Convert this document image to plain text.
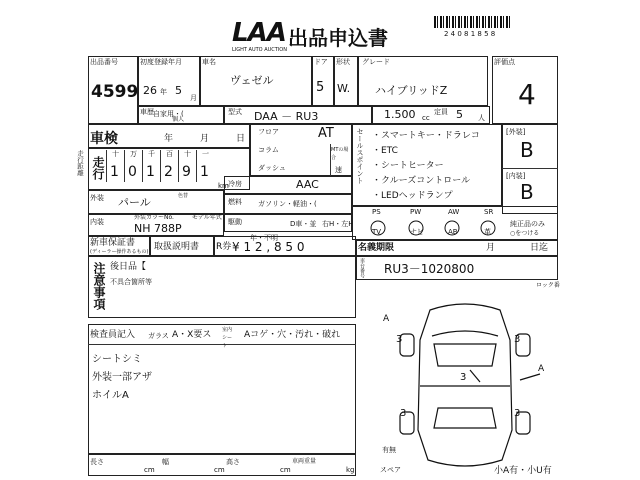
LAA
LIGHT AUTO AUCTION 出品申込書	2 4 0 8 1 8 5 8
出品番号
4599
初度登録年月
26 年 5
月
車名
ヴェゼル
ドア
5
形状
W.
グレード
ハイブリッドZ
評価点
4
車歴 自家用・(
個人
型式 DAA － RU3	1.500 cc
定員 5 人
車検	年	月	日
走行距離 走行
十
1
万
0
千
1
百
2
十
9
一
1
km
フロア	AT
コラム
ダッシュ
MTの場合
速
冷房	AAC
燃料 ガソリン・軽油・(
駆動	D車・並 右H・左H
外装 パール	色替
内装
外装カラーNo.
NH 788P
モデル年式
年・不明
セールスポイント ・スマートキー・ドラレコ
・ETC
・シートヒーター
・クルーズコントロール
・LEDヘッドランプ
[外装]
B
[内装]
B
PS	PW	AW	SR
TV	ナビ	AB	革
純正品のみ
○をつける
新車保証書
(ディーラー操作あるもの) 取扱説明書 R券 ¥ 1 2 , 8 5 0	名義期限	月	日迄
注意事項 後日品【
不具合箇所等
車台番号 RU3－1020800
ロック番
検査員記入 ガラス A・X要ス 室内シート
Aコゲ・穴・汚れ・破れ
シートシミ
外装一部アザ
ホイルA
長さ
cm
幅
cm
高さ
cm
車両重量
kg
A
A
3	3
3	3
3
有無
スペア	小A有・小U有
